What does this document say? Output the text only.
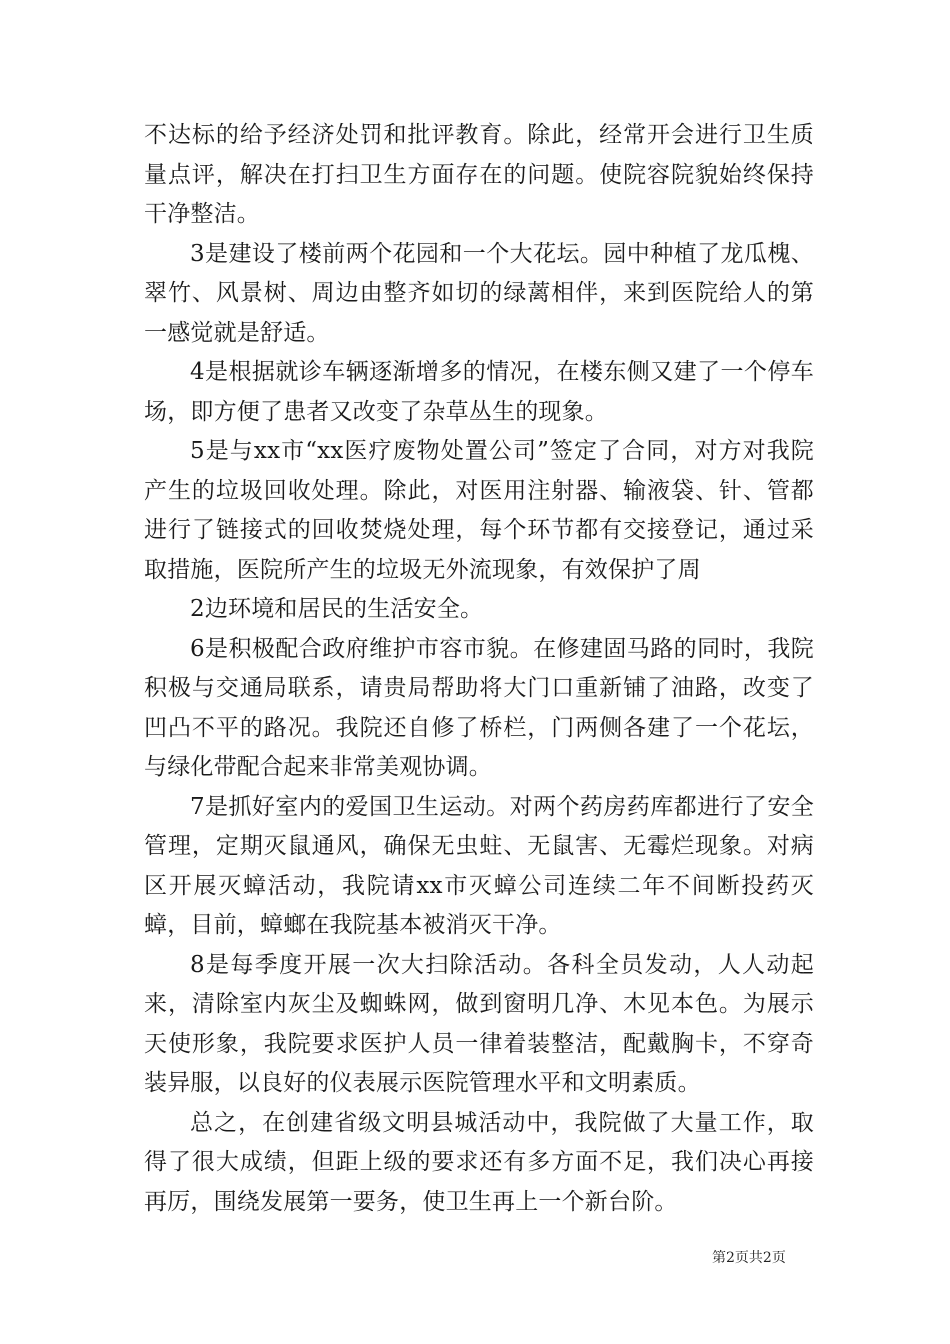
不达标的给予经济处罚和批评教育。除此，经常开会进行卫生质量点评，解决在打扫卫生方面存在的问题。使院容院貌始终保持干净整洁。

3是建设了楼前两个花园和一个大花坛。园中种植了龙瓜槐、翠竹、风景树、周边由整齐如切的绿蓠相伴，来到医院给人的第一感觉就是舒适。

4是根据就诊车辆逐渐增多的情况，在楼东侧又建了一个停车场，即方便了患者又改变了杂草丛生的现象。

5是与xx市“xx医疗废物处置公司”签定了合同，对方对我院产生的垃圾回收处理。除此，对医用注射器、输液袋、针、管都进行了链接式的回收焚烧处理，每个环节都有交接登记，通过采取措施，医院所产生的垃圾无外流现象，有效保护了周

2边环境和居民的生活安全。

6是积极配合政府维护市容市貌。在修建固马路的同时，我院积极与交通局联系，请贵局帮助将大门口重新铺了油路，改变了凹凸不平的路况。我院还自修了桥栏，门两侧各建了一个花坛，与绿化带配合起来非常美观协调。

7是抓好室内的爱国卫生运动。对两个药房药库都进行了安全管理，定期灭鼠通风，确保无虫蛀、无鼠害、无霉烂现象。对病区开展灭蟑活动，我院请xx市灭蟑公司连续二年不间断投药灭蟑，目前，蟑螂在我院基本被消灭干净。

8是每季度开展一次大扫除活动。各科全员发动，人人动起来，清除室内灰尘及蜘蛛网，做到窗明几净、木见本色。为展示天使形象，我院要求医护人员一律着装整洁，配戴胸卡，不穿奇装异服，以良好的仪表展示医院管理水平和文明素质。

总之，在创建省级文明县城活动中，我院做了大量工作，取得了很大成绩，但距上级的要求还有多方面不足，我们决心再接再厉，围绕发展第一要务，使卫生再上一个新台阶。

第2页共2页
